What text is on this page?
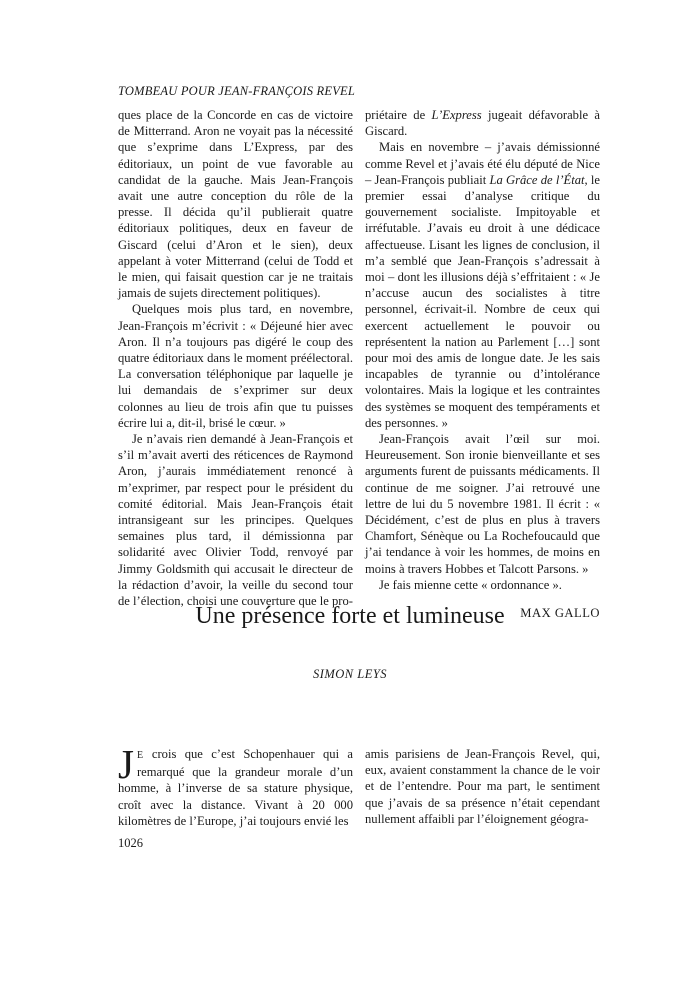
TOMBEAU POUR JEAN-FRANÇOIS REVEL

ques place de la Concorde en cas de victoire de Mitterrand. Aron ne voyait pas la nécessité que s’exprime dans L’Express, par des éditoriaux, un point de vue favorable au candidat de la gauche. Mais Jean-François avait une autre conception du rôle de la presse. Il décida qu’il publierait quatre éditoriaux politiques, deux en faveur de Giscard (celui d’Aron et le sien), deux appelant à voter Mitterrand (celui de Todd et le mien, qui faisait question car je ne traitais jamais de sujets directement politiques).

Quelques mois plus tard, en novembre, Jean-François m’écrivit : « Déjeuné hier avec Aron. Il n’a toujours pas digéré le coup des quatre éditoriaux dans le moment préélectoral. La conversation téléphonique par laquelle je lui demandais de s’exprimer sur deux colonnes au lieu de trois afin que tu puisses écrire lui a, dit-il, brisé le cœur. »

Je n’avais rien demandé à Jean-François et s’il m’avait averti des réticences de Raymond Aron, j’aurais immédiatement renoncé à m’exprimer, par respect pour le président du comité éditorial. Mais Jean-François était intransigeant sur les principes. Quelques semaines plus tard, il démissionna par solidarité avec Olivier Todd, renvoyé par Jimmy Goldsmith qui accusait le directeur de la rédaction d’avoir, la veille du second tour de l’élection, choisi une couverture que le pro-

priétaire de L’Express jugeait défavorable à Giscard.

Mais en novembre – j’avais démissionné comme Revel et j’avais été élu député de Nice – Jean-François publiait La Grâce de l’État, le premier essai d’analyse critique du gouvernement socialiste. Impitoyable et irréfutable. J’avais eu droit à une dédicace affectueuse. Lisant les lignes de conclusion, il m’a semblé que Jean-François s’adressait à moi – dont les illusions déjà s’effritaient : « Je n’accuse aucun des socialistes à titre personnel, écrivait-il. Nombre de ceux qui exercent actuellement le pouvoir ou représentent la nation au Parlement […] sont pour moi des amis de longue date. Je les sais incapables de tyrannie ou d’intolérance volontaires. Mais la logique et les contraintes des systèmes se moquent des tempéraments et des personnes. »

Jean-François avait l’œil sur moi. Heureusement. Son ironie bienveillante et ses arguments furent de puissants médicaments. Il continue de me soigner. J’ai retrouvé une lettre de lui du 5 novembre 1981. Il écrit : « Décidément, c’est de plus en plus à travers Chamfort, Sénèque ou La Rochefoucauld que j’ai tendance à voir les hommes, de moins en moins à travers Hobbes et Talcott Parsons. »

Je fais mienne cette « ordonnance ».

MAX GALLO

Une présence forte et lumineuse
SIMON LEYS

J E crois que c’est Schopenhauer qui a remarqué que la grandeur morale d’un homme, à l’inverse de sa stature physique, croît avec la distance. Vivant à 20 000 kilomètres de l’Europe, j’ai toujours envié les

amis parisiens de Jean-François Revel, qui, eux, avaient constamment la chance de le voir et de l’entendre. Pour ma part, le sentiment que j’avais de sa présence n’était cependant nullement affaibli par l’éloignement géogra-

1026
